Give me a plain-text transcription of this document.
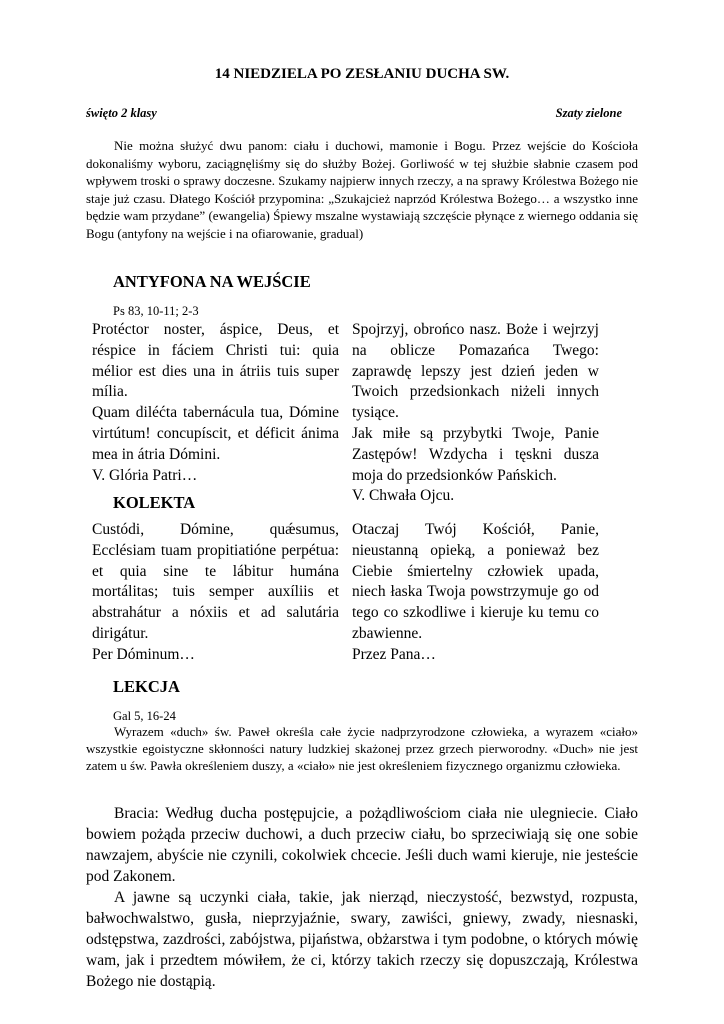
14 NIEDZIELA PO ZESŁANIU DUCHA SW.
święto 2 klasy	Szaty zielone

Nie można służyć dwu panom: ciału i duchowi, mamonie i Bogu. Przez wejście do Kościoła dokonaliśmy wyboru, zaciągnęliśmy się do służby Bożej. Gorliwość w tej służbie słabnie czasem pod wpływem troski o sprawy doczesne. Szukamy najpierw innych rzeczy, a na sprawy Królestwa Bożego nie staje już czasu. Dłatego Kościół przypomina: „Szukajcież naprzód Królestwa Bożego… a wszystko inne będzie wam przydane” (ewangelia) Śpiewy mszalne wystawiają szczęście płynące z wiernego oddania się Bogu (antyfony na wejście i na ofiarowanie, gradual)

ANTYFONA NA WEJŚCIE
Ps 83, 10-11; 2-3

Protéctor noster, áspice, Deus, et réspice in fáciem Christi tui: quia mélior est dies una in átriis tuis super mília.

Quam diléćta tabernácula tua, Dómine virtútum! concupíscit, et déficit ánima mea in átria Dómini.

V. Glória Patri…

Spojrzyj, obrońco nasz. Boże i wejrzyj na oblicze Pomazańca Twego: zaprawdę lepszy jest dzień jeden w Twoich przedsionkach niżeli innych tysiące.

Jak miłe są przybytki Twoje, Panie Zastępów! Wzdycha i tęskni dusza moja do przedsionków Pańskich.

V. Chwała Ojcu.

KOLEKTA

Custódi, Dómine, quǽsumus, Ecclésiam tuam propitiatióne perpétua: et quia sine te lábitur humána mortálitas; tuis semper auxíliis et abstrahátur a nóxiis et ad salutária dirigátur.

Per Dóminum…

Otaczaj Twój Kościół, Panie, nieustanną opieką, a ponieważ bez Ciebie śmiertelny człowiek upada, niech łaska Twoja powstrzymuje go od tego co szkodliwe i kieruje ku temu co zbawienne.

Przez Pana…

LEKCJA
Gal 5, 16-24

Wyrazem «duch» św. Paweł określa całe życie nadprzyrodzone człowieka, a wyrazem «ciało» wszystkie egoistyczne skłonności natury ludzkiej skażonej przez grzech pierworodny. «Duch» nie jest zatem u św. Pawła określeniem duszy, a «ciało» nie jest określeniem fizycznego organizmu człowieka.

Bracia: Według ducha postępujcie, a pożądliwościom ciała nie ulegniecie. Ciało bowiem pożąda przeciw duchowi, a duch przeciw ciału, bo sprzeciwiają się one sobie nawzajem, abyście nie czynili, cokolwiek chcecie. Jeśli duch wami kieruje, nie jesteście pod Zakonem.

A jawne są uczynki ciała, takie, jak nierząd, nieczystość, bezwstyd, rozpusta, bałwochwalstwo, gusła, nieprzyjaźnie, swary, zawiści, gniewy, zwady, niesnaski, odstępstwa, zazdrości, zabójstwa, pijaństwa, obżarstwa i tym podobne, o których mówię wam, jak i przedtem mówiłem, że ci, którzy takich rzeczy się dopuszczają, Królestwa Bożego nie dostąpią.
